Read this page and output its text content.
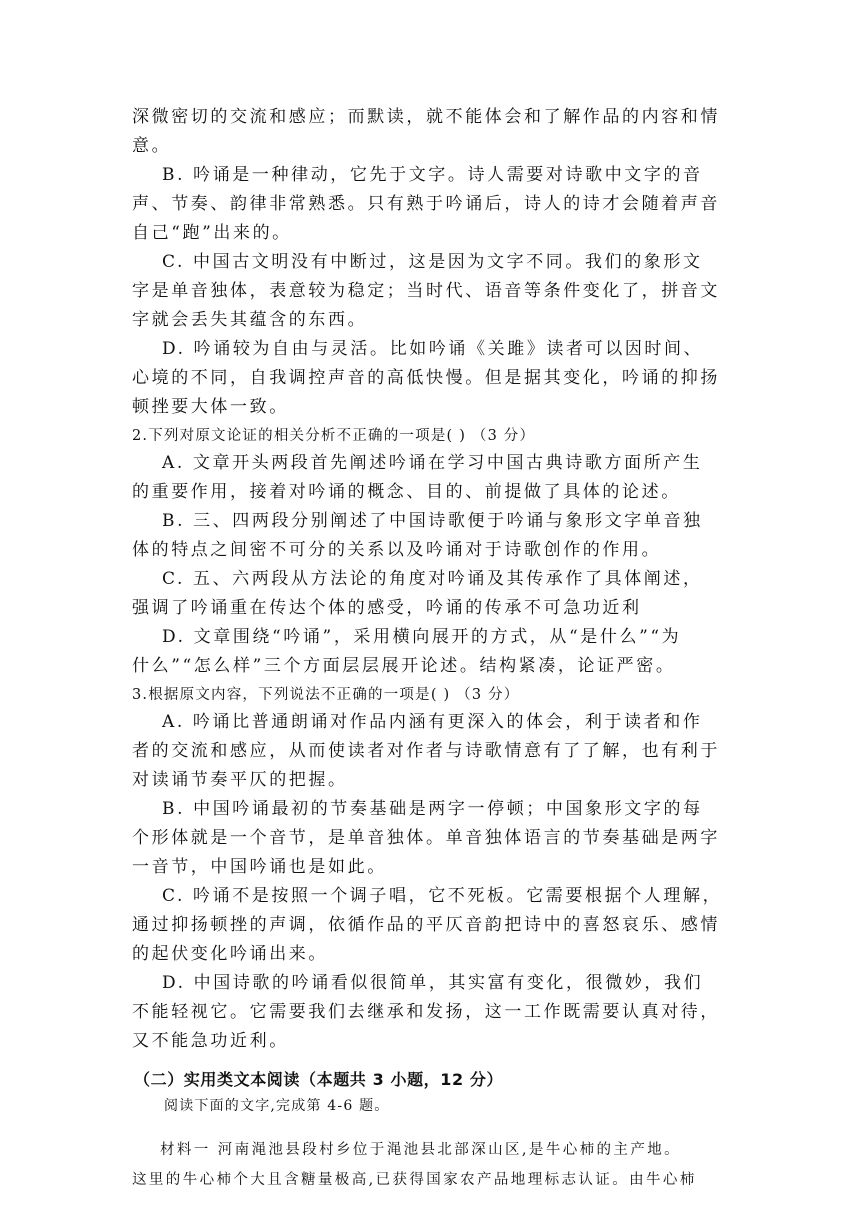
深微密切的交流和感应；而默读，就不能体会和了解作品的内容和情
意。
B. 吟诵是一种律动，它先于文字。诗人需要对诗歌中文字的音
声、节奏、韵律非常熟悉。只有熟于吟诵后，诗人的诗才会随着声音
自己“跑”出来的。
C. 中国古文明没有中断过，这是因为文字不同。我们的象形文
字是单音独体，表意较为稳定；当时代、语音等条件变化了，拼音文
字就会丢失其蕴含的东西。
D. 吟诵较为自由与灵活。比如吟诵《关雎》读者可以因时间、
心境的不同，自我调控声音的高低快慢。但是据其变化，吟诵的抑扬
顿挫要大体一致。
2.下列对原文论证的相关分析不正确的一项是( ) （3 分）
A. 文章开头两段首先阐述吟诵在学习中国古典诗歌方面所产生
的重要作用，接着对吟诵的概念、目的、前提做了具体的论述。
B. 三、四两段分别阐述了中国诗歌便于吟诵与象形文字单音独
体的特点之间密不可分的关系以及吟诵对于诗歌创作的作用。
C. 五、六两段从方法论的角度对吟诵及其传承作了具体阐述，
强调了吟诵重在传达个体的感受，吟诵的传承不可急功近利
D. 文章围绕“吟诵”，采用横向展开的方式，从“是什么”“为
什么”“怎么样”三个方面层层展开论述。结构紧凑，论证严密。
3.根据原文内容，下列说法不正确的一项是( ) （3 分）
A. 吟诵比普通朗诵对作品内涵有更深入的体会，利于读者和作
者的交流和感应，从而使读者对作者与诗歌情意有了了解，也有利于
对读诵节奏平仄的把握。
B. 中国吟诵最初的节奏基础是两字一停顿；中国象形文字的每
个形体就是一个音节，是单音独体。单音独体语言的节奏基础是两字
一音节，中国吟诵也是如此。
C. 吟诵不是按照一个调子唱，它不死板。它需要根据个人理解，
通过抑扬顿挫的声调，依循作品的平仄音韵把诗中的喜怒哀乐、感情
的起伏变化吟诵出来。
D. 中国诗歌的吟诵看似很简单，其实富有变化，很微妙，我们
不能轻视它。它需要我们去继承和发扬，这一工作既需要认真对待，
又不能急功近利。
（二）实用类文本阅读（本题共 3 小题，12 分）
阅读下面的文字,完成第 4-6 题。
材料一 河南渑池县段村乡位于渑池县北部深山区,是牛心柿的主产地。
这里的牛心柿个大且含糖量极高,已获得国家农产品地理标志认证。由牛心柿
